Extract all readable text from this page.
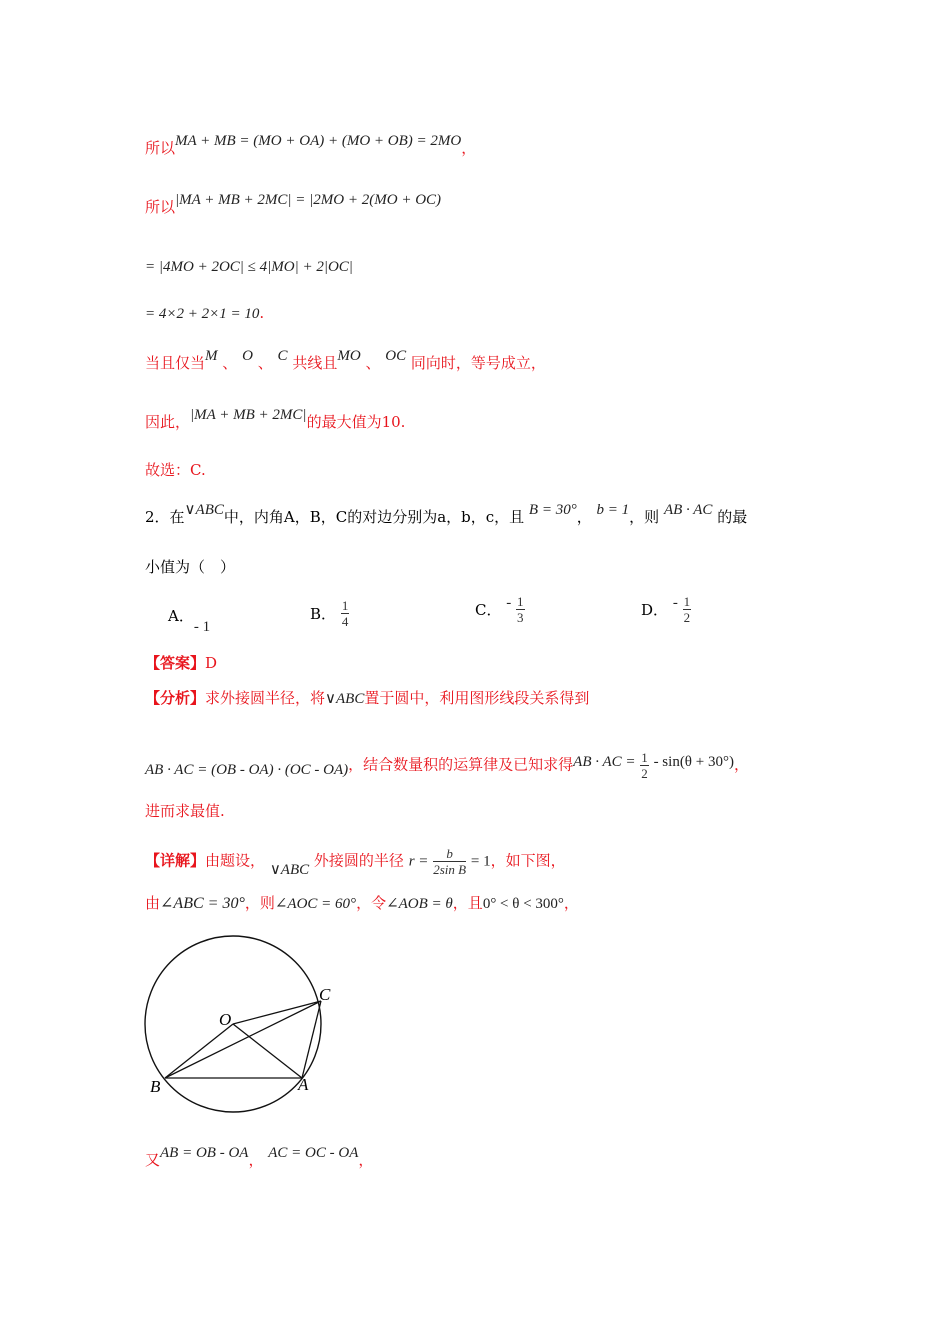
所以MA + MB = (MO + OA) + (MO + OB) = 2MO，
所以|MA + MB + 2MC| = |2MO + 2(MO + OC)
= |4MO + 2OC| ≤ 4|MO| + 2|OC|
= 4×2 + 2×1 = 10.
当且仅当M 、 O 、 C 共线且MO 、 OC 同向时，等号成立，
因此，|MA + MB + 2MC|的最大值为10.
故选：C.
2．在∨ABC中，内角A，B，C的对边分别为a，b，c，且 B = 30°， b = 1，则 AB · AC 的最
小值为（　）
A．- 1
B． $\frac{1}{4}$	C． - $\frac{1}{3}$	D． - $\frac{1}{2}$
【答案】D
【分析】求外接圆半径，将∨ABC置于圆中，利用图形线段关系得到
AB · AC = (OB - OA) · (OC - OA)，结合数量积的运算律及已知求得AB · AC = $\frac{1}{2} - \sin(\theta + 30^\circ)$，
进而求最值.
【详解】由题设， ∨ABC 外接圆的半径 $r = \frac{b}{\text{2sin B}} = 1$，如下图，
由∠ABC = 30°，则∠AOC = 60°，令∠AOB = θ，且0° < θ < 300°，
O
C
B	A
又AB = OB - OA， AC = OC - OA，
